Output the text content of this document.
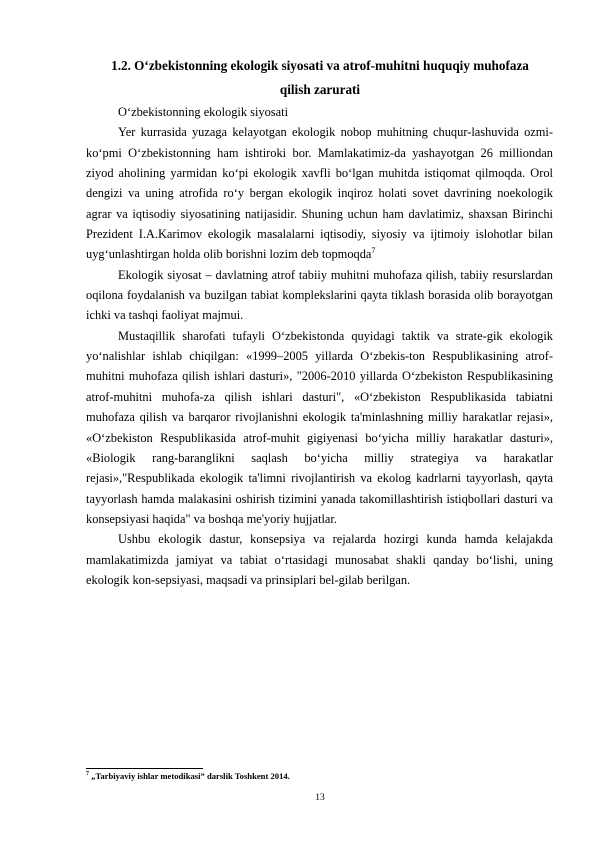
1.2. O‘zbekistonning ekologik siyosati va atrof-muhitni huquqiy muhofaza
qilish zarurati

O‘zbekistonning ekologik siyosati

Yer kurrasida yuzaga kelayotgan ekologik nobop muhitning chuqur-lashuvida ozmi-ko‘pmi O‘zbekistonning ham ishtiroki bor. Mamlakatimiz-da yashayotgan 26 milliondan ziyod aholining yarmidan ko‘pi ekologik xavfli bo‘lgan muhitda istiqomat qilmoqda. Orol dengizi va uning atrofida ro‘y bergan ekologik inqiroz holati sovet davrining noekologik agrar va iqtisodiy siyosatining natijasidir. Shuning uchun ham davlatimiz, shaxsan Birinchi Prezident I.A.Karimov ekologik masalalarni iqtisodiy, siyosiy va ijtimoiy islohotlar bilan uyg‘unlashtirgan holda olib borishni lozim deb topmoqda$^7$

Ekologik siyosat – davlatning atrof tabiiy muhitni muhofaza qilish, tabiiy resurslardan oqilona foydalanish va buzilgan tabiat komplekslarini qayta tiklash borasida olib borayotgan ichki va tashqi faoliyat majmui.

Mustaqillik sharofati tufayli O‘zbekistonda quyidagi taktik va strate-gik ekologik yo‘nalishlar ishlab chiqilgan: «1999–2005 yillarda O‘zbekis-ton Respublikasining atrof-muhitni muhofaza qilish ishlari dasturi», "2006-2010 yillarda O‘zbekiston Respublikasining atrof-muhitni muhofa-za qilish ishlari dasturi", «O‘zbekiston Respublikasida tabiatni muhofaza qilish va barqaror rivojlanishni ekologik ta'minlashning milliy harakatlar rejasi», «O‘zbekiston Respublikasida atrof-muhit gigiyenasi bo‘yicha milliy harakatlar dasturi», «Biologik rang-baranglikni saqlash bo‘yicha milliy strategiya va harakatlar rejasi»,"Respublikada ekologik ta'limni rivojlantirish va ekolog kadrlarni tayyorlash, qayta tayyorlash hamda malakasini oshirish tizimini yanada takomillashtirish istiqbollari dasturi va konsepsiyasi haqida" va boshqa me'yoriy hujjatlar.

Ushbu ekologik dastur, konsepsiya va rejalarda hozirgi kunda hamda kelajakda mamlakatimizda jamiyat va tabiat o‘rtasidagi munosabat shakli qanday bo‘lishi, uning ekologik kon-sepsiyasi, maqsadi va prinsiplari bel-gilab berilgan.

$^7$ „Tarbiyaviy ishlar metodikasi” darslik Toshkent 2014.
13
